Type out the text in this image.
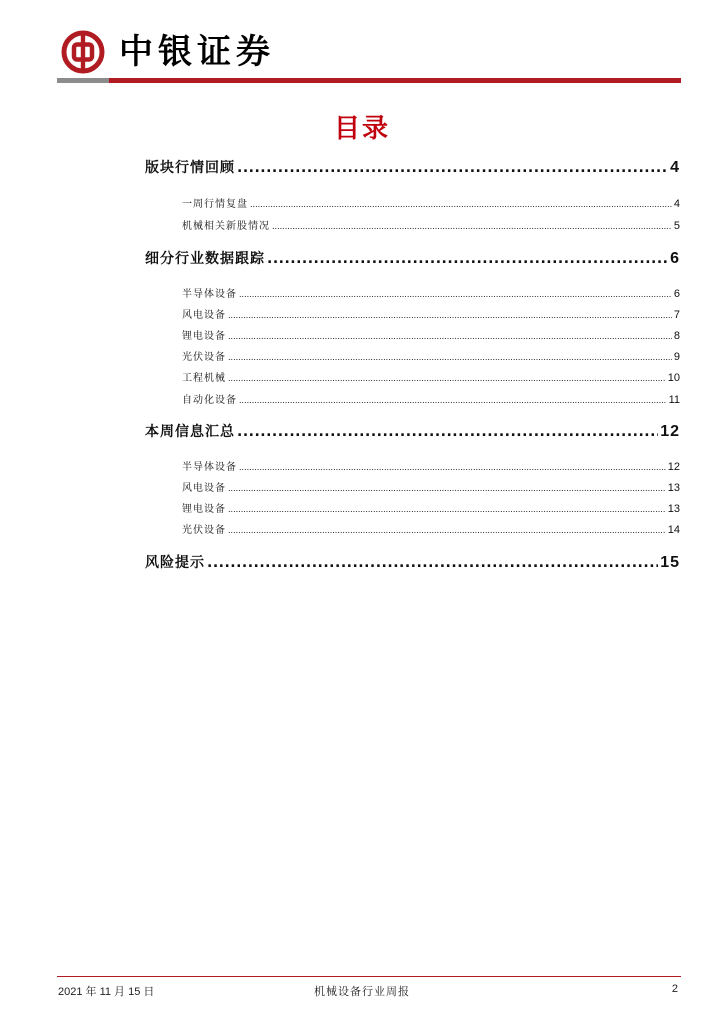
中银证券
目录
版块行情回顾 .....	4
一周行情复盘 .....	4
机械相关新股情况 .....	5
细分行业数据跟踪 .....	6
半导体设备 .....	6
风电设备 .....	7
锂电设备 .....	8
光伏设备 .....	9
工程机械 .....	10
自动化设备 .....	11
本周信息汇总 .....	12
半导体设备 .....	12
风电设备 .....	13
锂电设备 .....	13
光伏设备 .....	14
风险提示 .....	15
2021 年 11 月 15 日	机械设备行业周报	2
